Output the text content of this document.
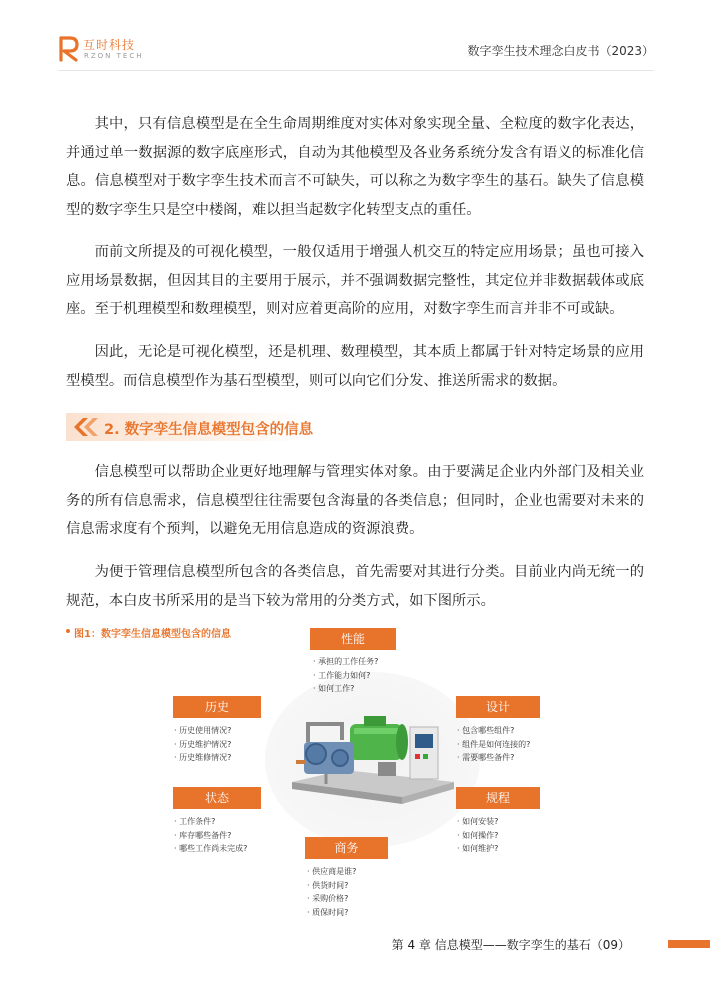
互时科技
RZON TECH	数字孪生技术理念白皮书（2023）

其中，只有信息模型是在全生命周期维度对实体对象实现全量、全粒度的数字化表达，并通过单一数据源的数字底座形式，自动为其他模型及各业务系统分发含有语义的标准化信息。信息模型对于数字孪生技术而言不可缺失，可以称之为数字孪生的基石。缺失了信息模型的数字孪生只是空中楼阁，难以担当起数字化转型支点的重任。

而前文所提及的可视化模型，一般仅适用于增强人机交互的特定应用场景；虽也可接入应用场景数据，但因其目的主要用于展示，并不强调数据完整性，其定位并非数据载体或底座。至于机理模型和数理模型，则对应着更高阶的应用，对数字孪生而言并非不可或缺。

因此，无论是可视化模型，还是机理、数理模型，其本质上都属于针对特定场景的应用型模型。而信息模型作为基石型模型，则可以向它们分发、推送所需求的数据。

2. 数字孪生信息模型包含的信息

信息模型可以帮助企业更好地理解与管理实体对象。由于要满足企业内外部门及相关业务的所有信息需求，信息模型往往需要包含海量的各类信息；但同时，企业也需要对未来的信息需求度有个预判，以避免无用信息造成的资源浪费。

为便于管理信息模型所包含的各类信息，首先需要对其进行分类。目前业内尚无统一的规范，本白皮书所采用的是当下较为常用的分类方式，如下图所示。

图1：数字孪生信息模型包含的信息	性能
· 承担的工作任务?
· 工作能力如何?
· 如何工作?
历史
· 历史使用情况?
· 历史维护情况?
· 历史维修情况?
设计
· 包含哪些组件?
· 组件是如何连接的?
· 需要哪些备件?
状态
· 工作条件?
· 库存哪些备件?
· 哪些工作尚未完成?
规程
· 如何安装?
· 如何操作?
· 如何维护?
商务
· 供应商是谁?
· 供货时间?
· 采购价格?
· 质保时间?
第 4 章 信息模型——数字孪生的基石（09）
